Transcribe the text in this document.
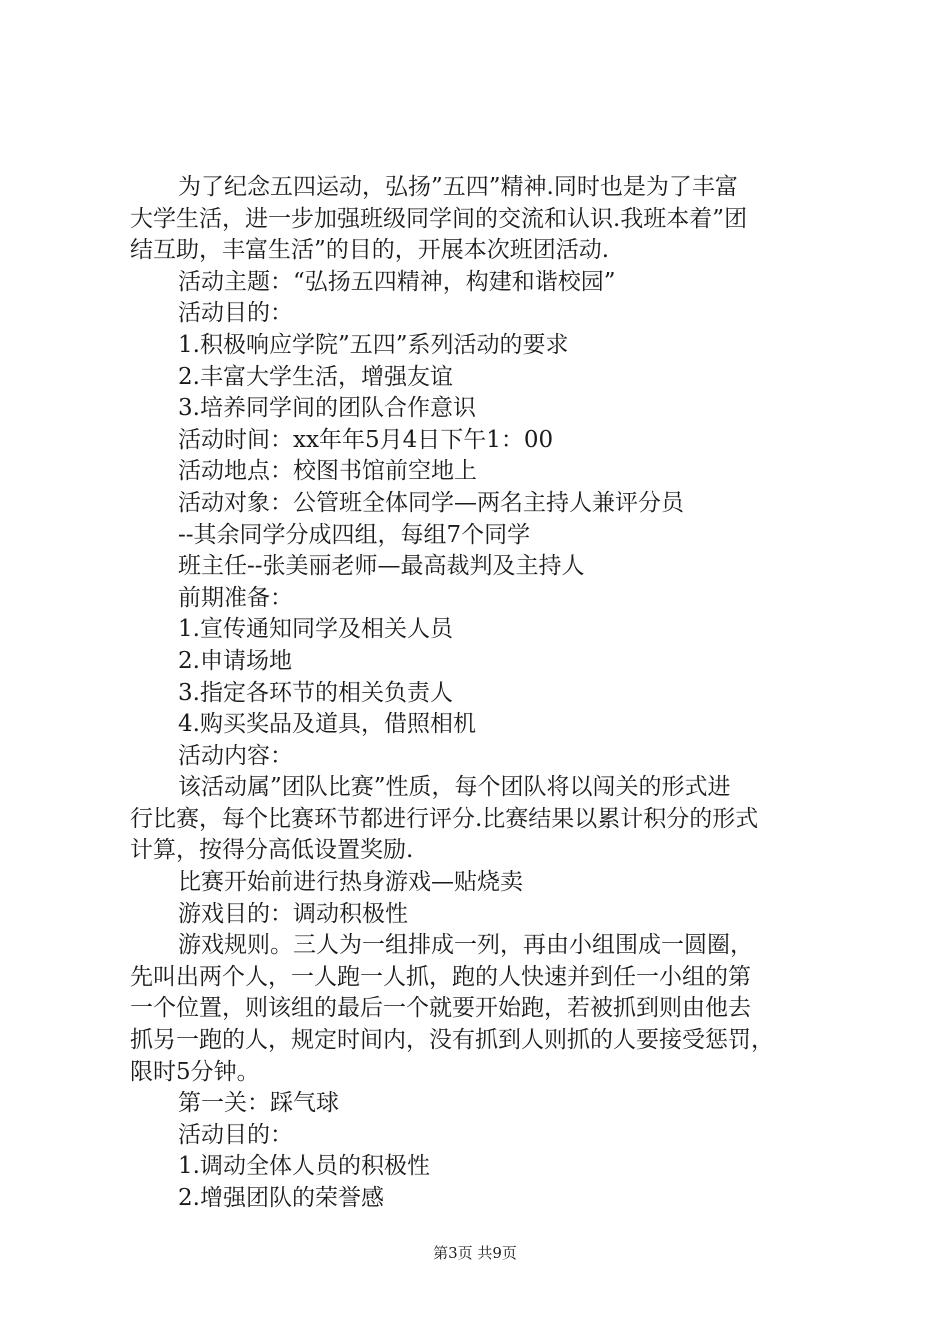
为了纪念五四运动，弘扬”五四”精神.同时也是为了丰富

大学生活，进一步加强班级同学间的交流和认识.我班本着”团

结互助，丰富生活”的目的，开展本次班团活动.

活动主题：“弘扬五四精神，构建和谐校园”

活动目的：

1.积极响应学院”五四”系列活动的要求

2.丰富大学生活，增强友谊

3.培养同学间的团队合作意识

活动时间：xx年年5月4日下午1：00

活动地点：校图书馆前空地上

活动对象：公管班全体同学—两名主持人兼评分员

--其余同学分成四组，每组7个同学

班主任--张美丽老师—最高裁判及主持人

前期准备：

1.宣传通知同学及相关人员

2.申请场地

3.指定各环节的相关负责人

4.购买奖品及道具，借照相机

活动内容：

该活动属”团队比赛”性质，每个团队将以闯关的形式进

行比赛，每个比赛环节都进行评分.比赛结果以累计积分的形式

计算，按得分高低设置奖励.

比赛开始前进行热身游戏—贴烧卖

游戏目的：调动积极性

游戏规则。三人为一组排成一列，再由小组围成一圆圈，

先叫出两个人，一人跑一人抓，跑的人快速并到任一小组的第

一个位置，则该组的最后一个就要开始跑，若被抓到则由他去

抓另一跑的人，规定时间内，没有抓到人则抓的人要接受惩罚，

限时5分钟。

第一关：踩气球

活动目的：

1.调动全体人员的积极性

2.增强团队的荣誉感

第3页 共9页
